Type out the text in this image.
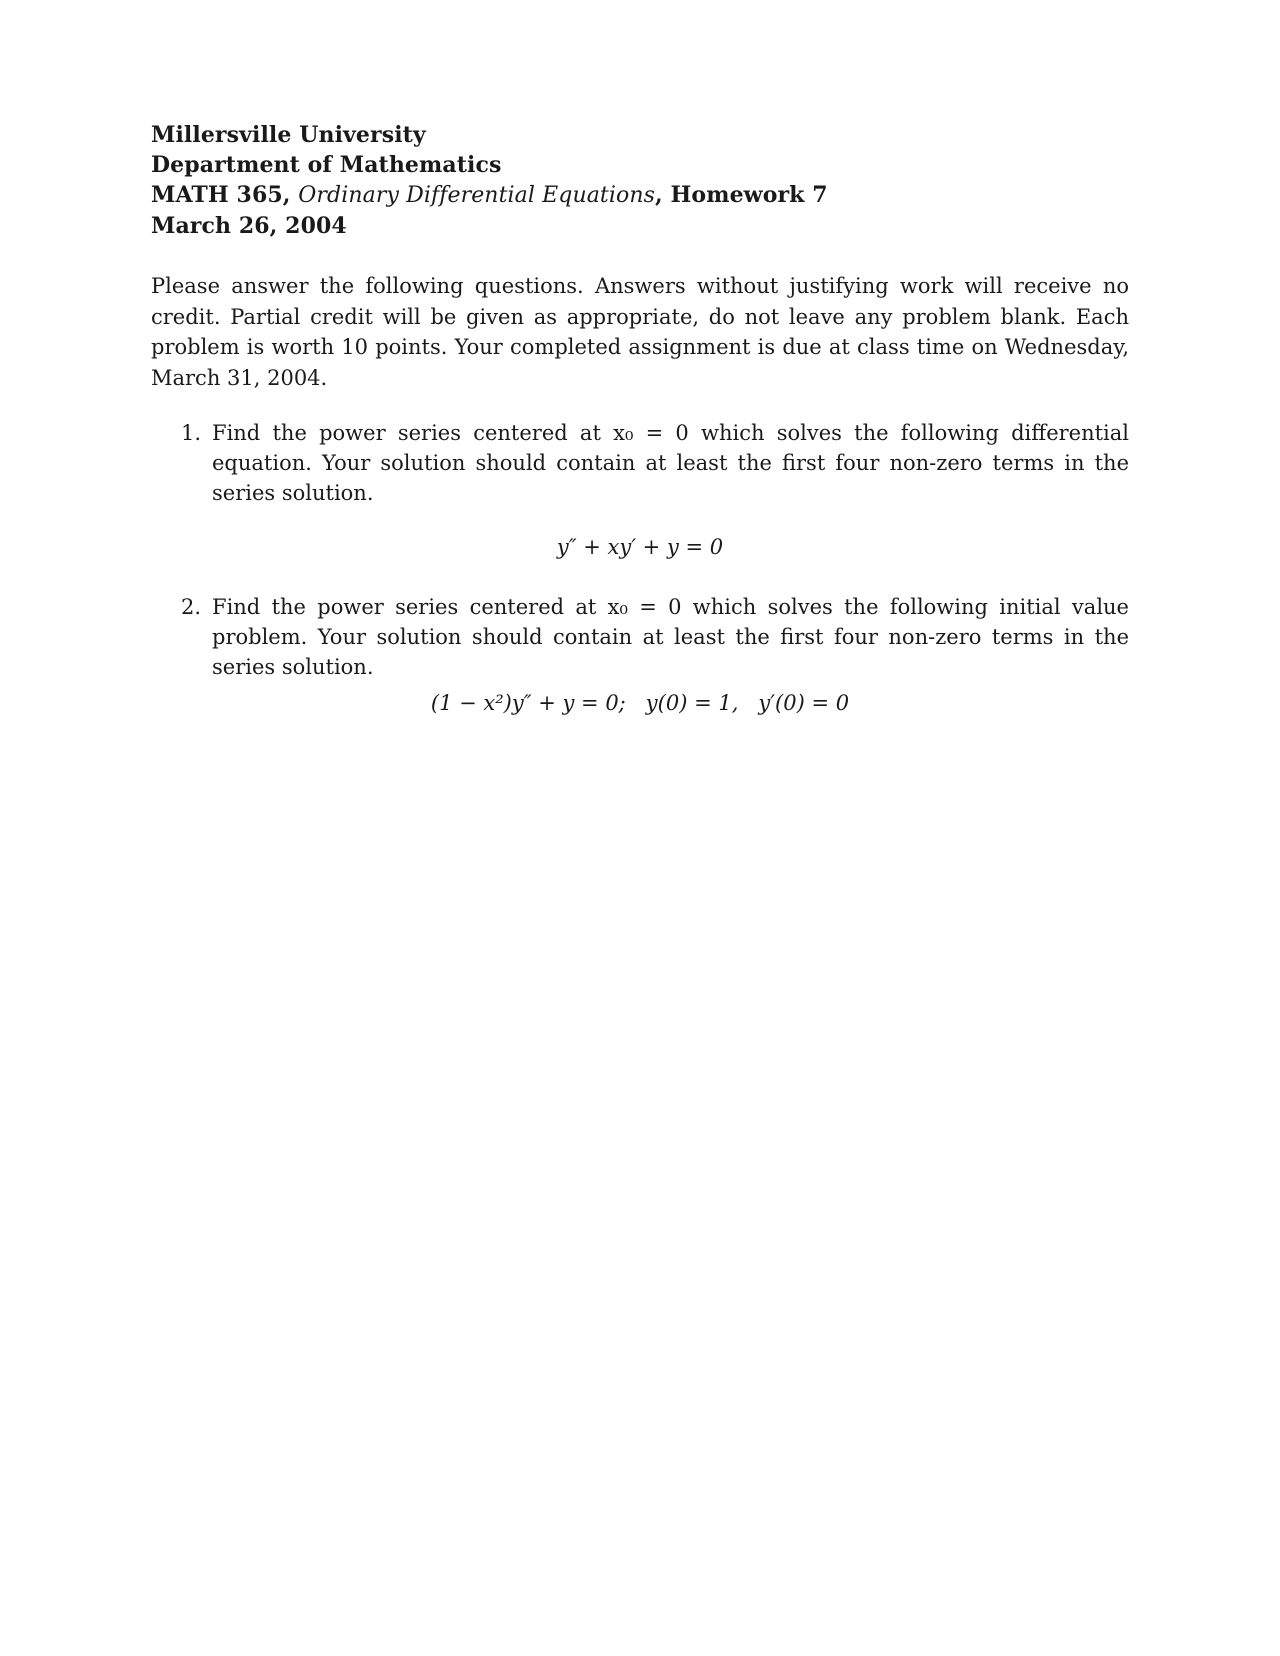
Millersville University
Department of Mathematics
MATH 365, Ordinary Differential Equations, Homework 7
March 26, 2004

Please answer the following questions. Answers without justifying work will receive no credit. Partial credit will be given as appropriate, do not leave any problem blank. Each problem is worth 10 points. Your completed assignment is due at class time on Wednesday, March 31, 2004.

1. Find the power series centered at x₀ = 0 which solves the following differential equation. Your solution should contain at least the first four non-zero terms in the series solution.
y″ + xy′ + y = 0
2. Find the power series centered at x₀ = 0 which solves the following initial value problem. Your solution should contain at least the first four non-zero terms in the series solution.
(1 − x²)y″ + y = 0;   y(0) = 1,   y′(0) = 0
